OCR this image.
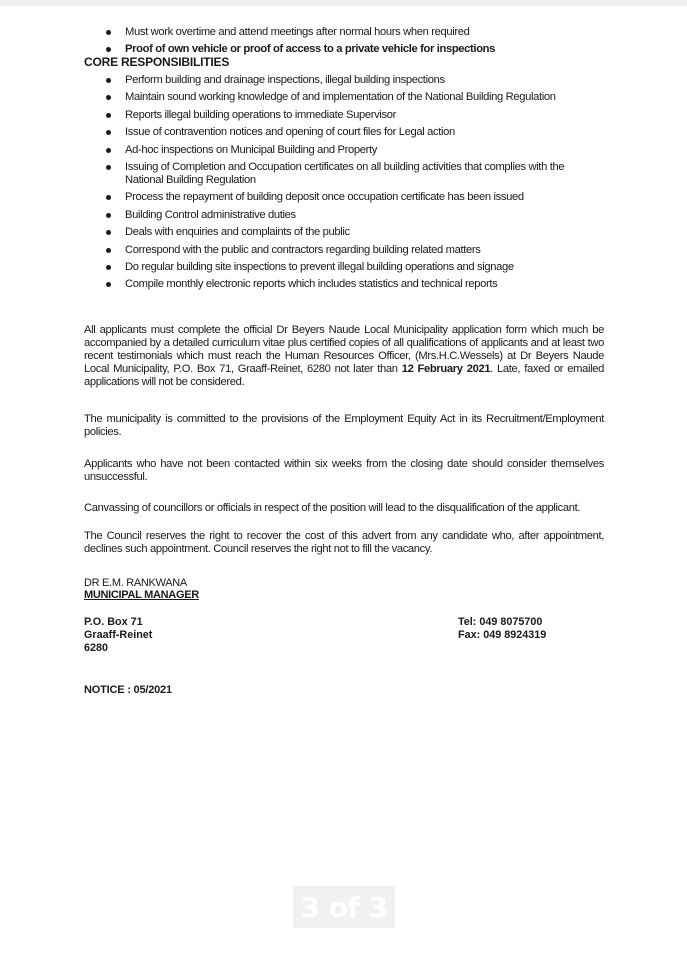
Must work overtime and attend meetings after normal hours when required
Proof of own vehicle or proof of access to a private vehicle for inspections
CORE RESPONSIBILITIES
Perform building and drainage inspections, illegal building inspections
Maintain sound working knowledge of and implementation of the National Building Regulation
Reports illegal building operations to immediate Supervisor
Issue of contravention notices and opening of court files for Legal action
Ad-hoc inspections on Municipal Building and Property
Issuing of Completion and Occupation certificates on all building activities that complies with the National Building Regulation
Process the repayment of building deposit once occupation certificate has been issued
Building Control administrative duties
Deals with enquiries and complaints of the public
Correspond with the public and contractors regarding building related matters
Do regular building site inspections to prevent illegal building operations and signage
Compile monthly electronic reports which includes statistics and technical reports

All applicants must complete the official Dr Beyers Naude Local Municipality application form which much be accompanied by a detailed curriculum vitae plus certified copies of all qualifications of applicants and at least two recent testimonials which must reach the Human Resources Officer, (Mrs.H.C.Wessels) at Dr Beyers Naude Local Municipality, P.O. Box 71, Graaff-Reinet, 6280 not later than 12 February 2021. Late, faxed or emailed applications will not be considered.

The municipality is committed to the provisions of the Employment Equity Act in its Recruitment/Employment policies.

Applicants who have not been contacted within six weeks from the closing date should consider themselves unsuccessful.

Canvassing of councillors or officials in respect of the position will lead to the disqualification of the applicant.

The Council reserves the right to recover the cost of this advert from any candidate who, after appointment, declines such appointment. Council reserves the right not to fill the vacancy.

DR E.M. RANKWANA
MUNICIPAL MANAGER
P.O. Box 71
Graaff-Reinet
6280
Tel: 049 8075700
Fax: 049 8924319
NOTICE : 05/2021
3 of 3
